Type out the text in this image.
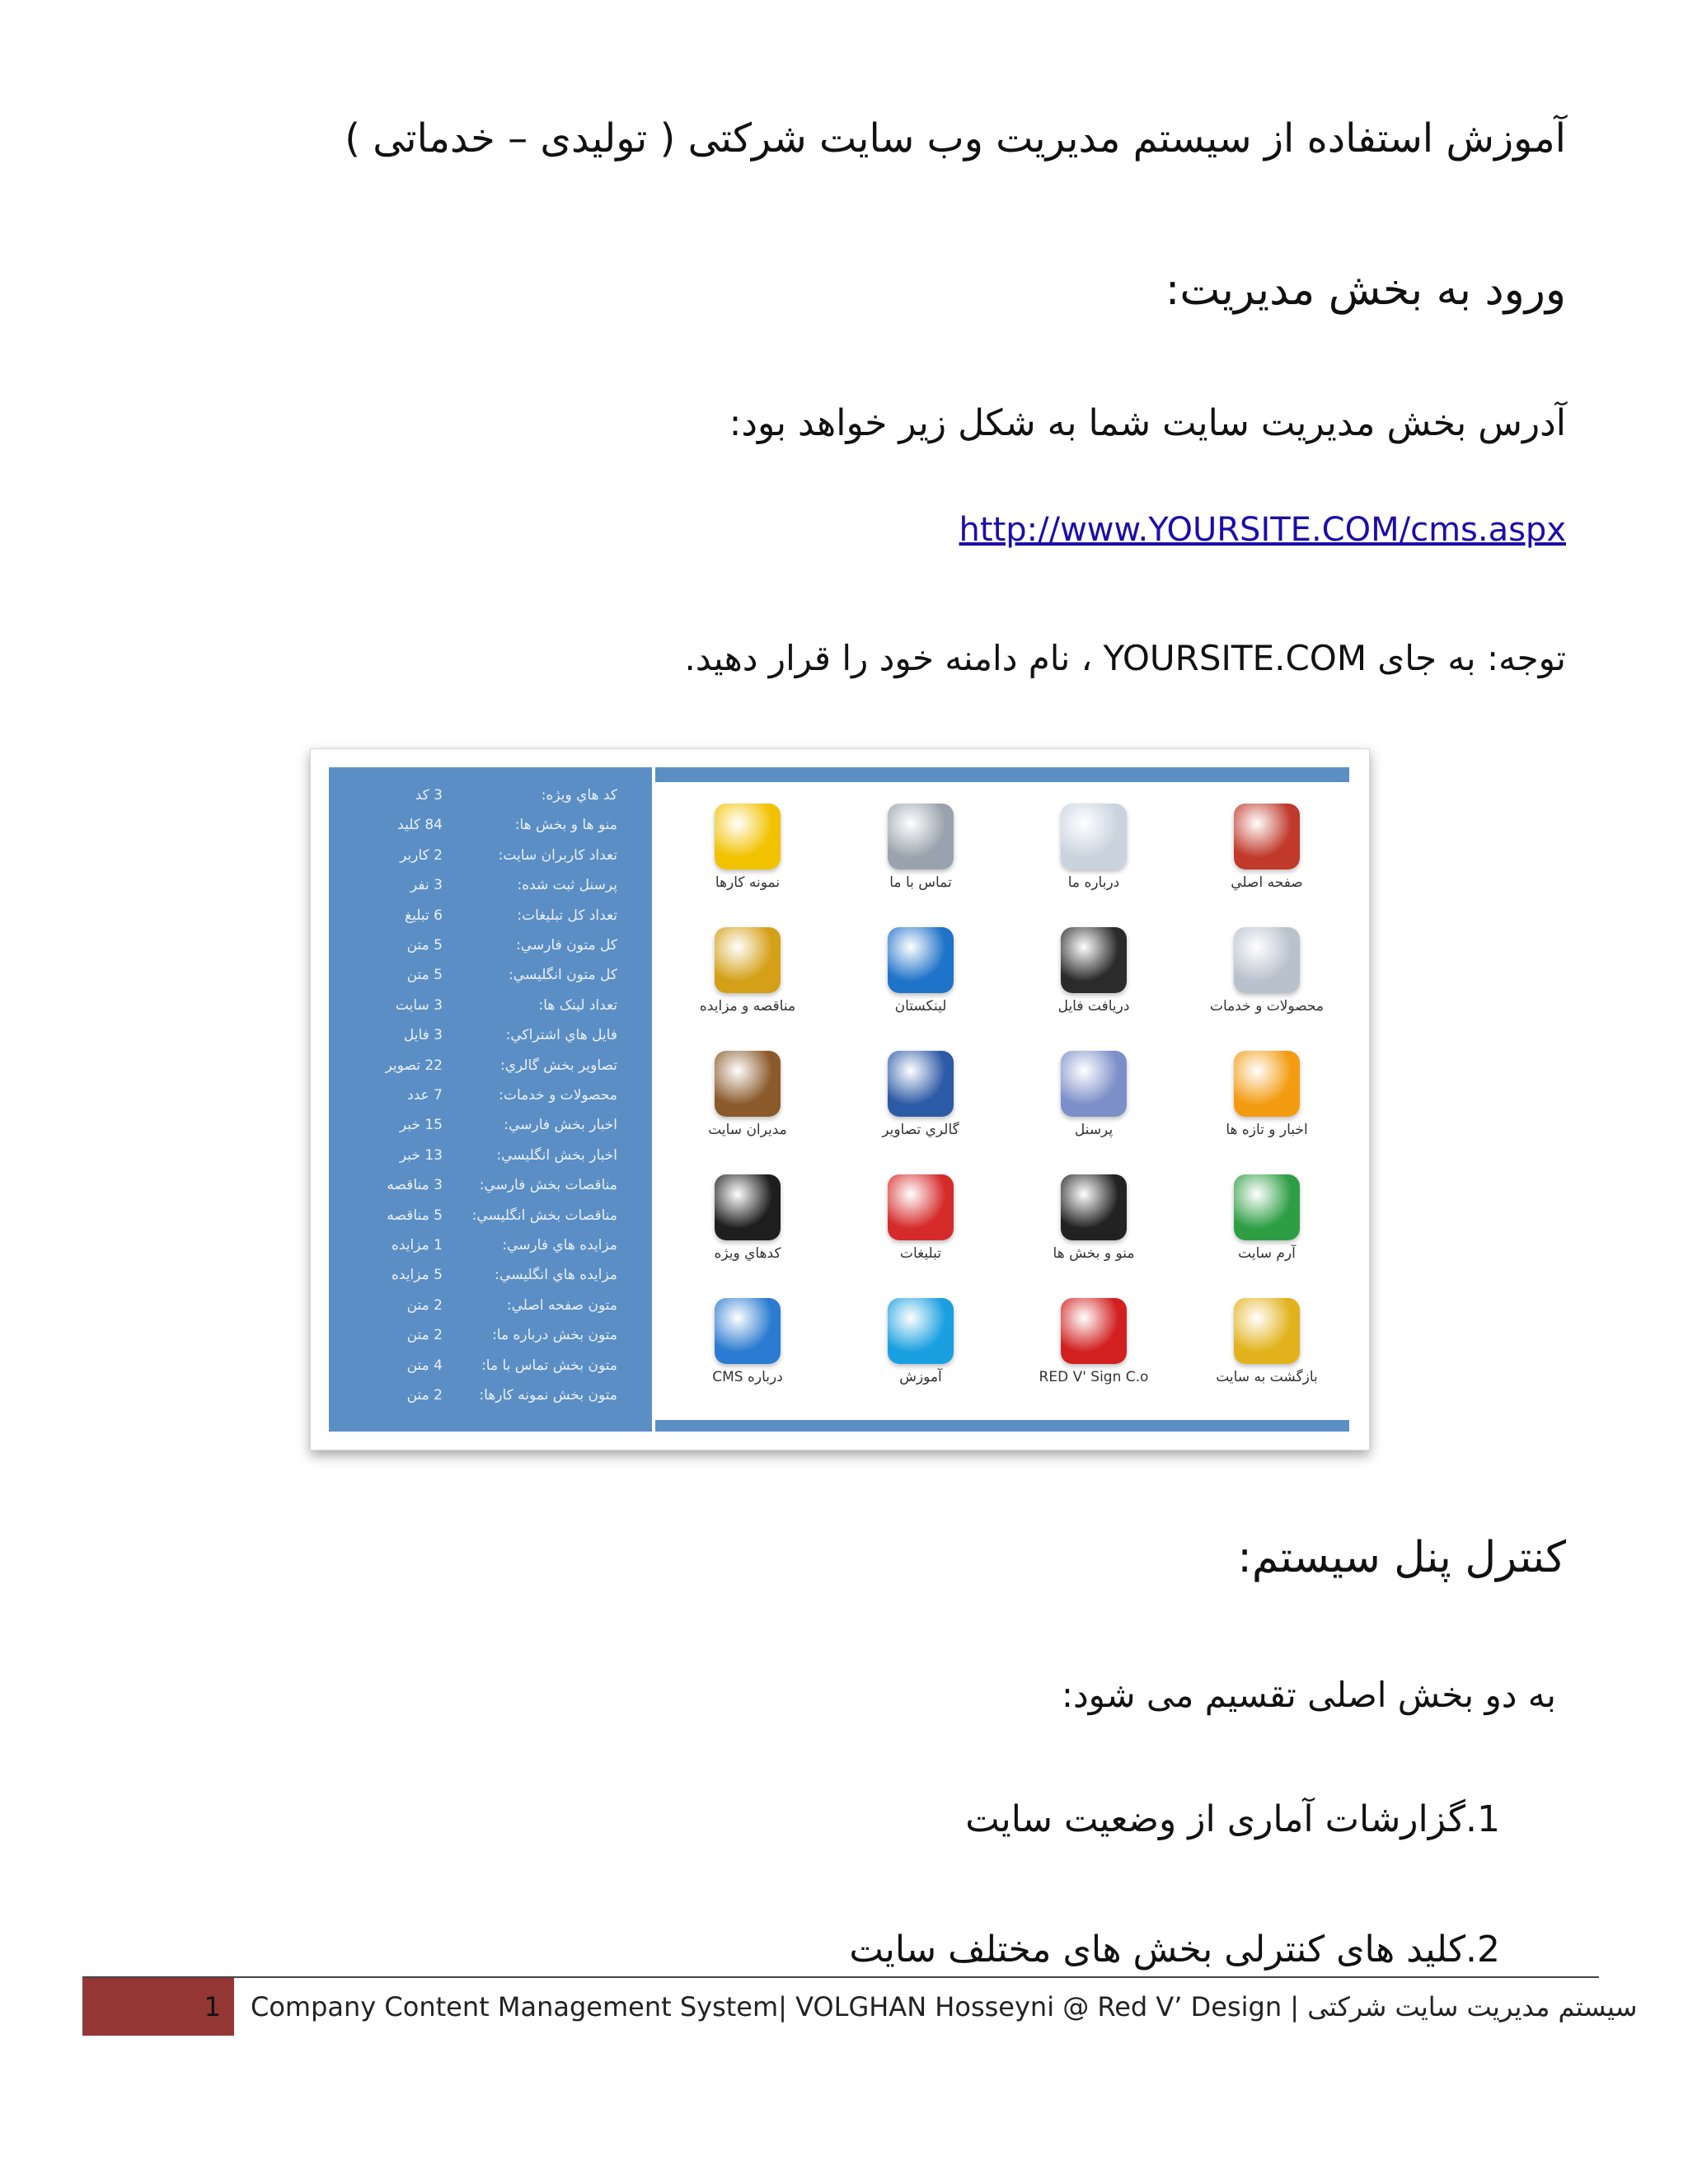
آموزش استفاده از سیستم مدیریت وب سایت شرکتی ( تولیدی – خدماتی )
ورود به بخش مدیریت:
آدرس بخش مدیریت سایت شما به شکل زیر خواهد بود:
http://www.YOURSITE.COM/cms.aspx
توجه: به جای YOURSITE.COM ، نام دامنه خود را قرار دهید.
کد هاي ویژه:
3 کد
منو ها و بخش ها:
84 کلید
تعداد کاربران سایت:
2 کاربر
پرسنل ثبت شده:
3 نفر
تعداد کل تبلیغات:
6 تبلیغ
کل متون فارسي:
5 متن
کل متون انگلیسي:
5 متن
تعداد لینک ها:
3 سایت
فایل هاي اشتراکي:
3 فایل
تصاویر بخش گالري:
22 تصویر
محصولات و خدمات:
7 عدد
اخبار بخش فارسي:
15 خبر
اخبار بخش انگلیسي:
13 خبر
مناقصات بخش فارسي:
3 مناقصه
مناقصات بخش انگلیسي:
5 مناقصه
مزایده هاي فارسي:
1 مزایده
مزایده هاي انگلیسي:
5 مزایده
متون صفحه اصلي:
2 متن
متون بخش درباره ما:
2 متن
متون بخش تماس با ما:
4 متن
متون بخش نمونه کارها:
2 متن
نمونه کارها	تماس با ما	درباره ما	صفحه اصلي
مناقصه و مزایده	لینکستان	دریافت فایل	محصولات و خدمات
مدیران سایت	گالري تصاویر	پرسنل	اخبار و تازه ها
کدهاي ویژه	تبلیغات	منو و بخش ها	آرم سایت
درباره CMS	آموزش	RED V' Sign C.o	بازگشت به سایت
کنترل پنل سیستم:
به دو بخش اصلی تقسیم می شود:
1.گزارشات آماری از وضعیت سایت
2.کلید های کنترلی بخش های مختلف سایت
1 Company Content Management System| VOLGHAN Hosseyni @ Red V’ Design | سیستم مدیریت سایت شرکتی
